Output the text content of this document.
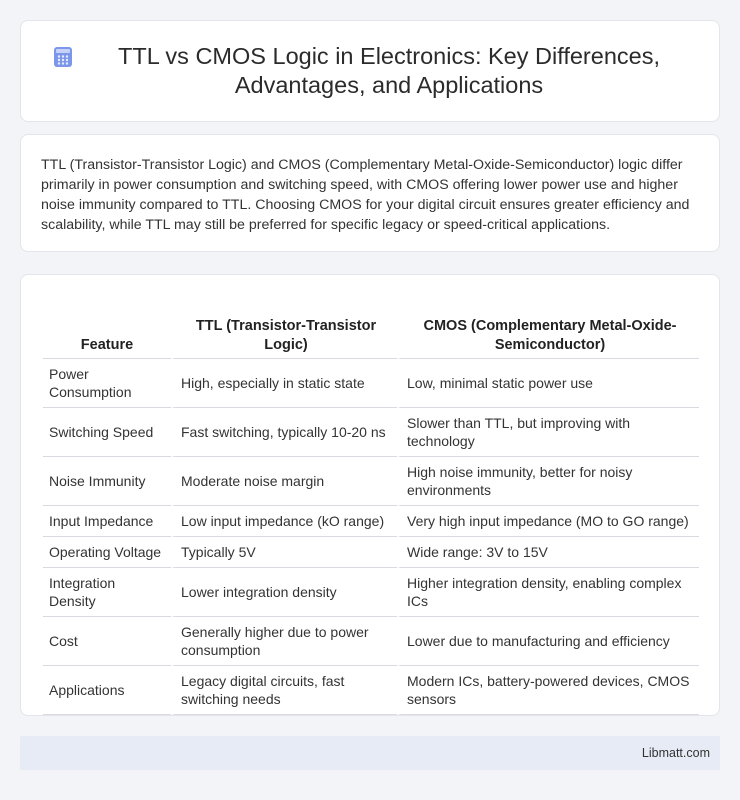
TTL vs CMOS Logic in Electronics: Key Differences, Advantages, and Applications

TTL (Transistor-Transistor Logic) and CMOS (Complementary Metal-Oxide-Semiconductor) logic differ primarily in power consumption and switching speed, with CMOS offering lower power use and higher noise immunity compared to TTL. Choosing CMOS for your digital circuit ensures greater efficiency and scalability, while TTL may still be preferred for specific legacy or speed-critical applications.

Feature	TTL (Transistor-Transistor Logic)	CMOS (Complementary Metal-Oxide-Semiconductor)
Power Consumption	High, especially in static state	Low, minimal static power use
Switching Speed	Fast switching, typically 10-20 ns	Slower than TTL, but improving with technology
Noise Immunity	Moderate noise margin	High noise immunity, better for noisy environments
Input Impedance	Low input impedance (kO range)	Very high input impedance (MO to GO range)
Operating Voltage	Typically 5V	Wide range: 3V to 15V
Integration Density	Lower integration density	Higher integration density, enabling complex ICs
Cost	Generally higher due to power consumption	Lower due to manufacturing and efficiency
Applications	Legacy digital circuits, fast switching needs	Modern ICs, battery-powered devices, CMOS sensors
Libmatt.com
